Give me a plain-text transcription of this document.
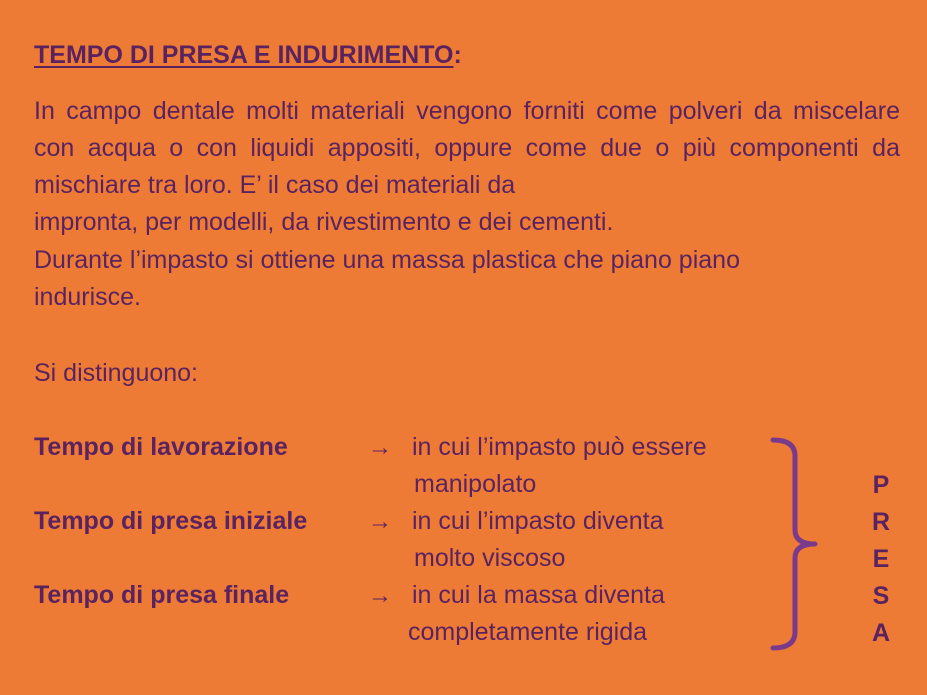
TEMPO DI PRESA E INDURIMENTO:

In campo dentale molti materiali vengono forniti come polveri da miscelare con acqua o con liquidi appositi, oppure come due o più componenti da mischiare tra loro. E’ il caso dei materiali da
impronta, per modelli, da rivestimento e dei cementi.

Durante l’impasto si ottiene una massa plastica che piano piano
indurisce.

Si distinguono:

Tempo di lavorazione	→ in cui l’impasto può essere
manipolato
Tempo di presa iniziale	→ in cui l’impasto diventa
molto viscoso
Tempo di presa finale	→ in cui la massa diventa
completamente rigida
P
R
E
S
A
